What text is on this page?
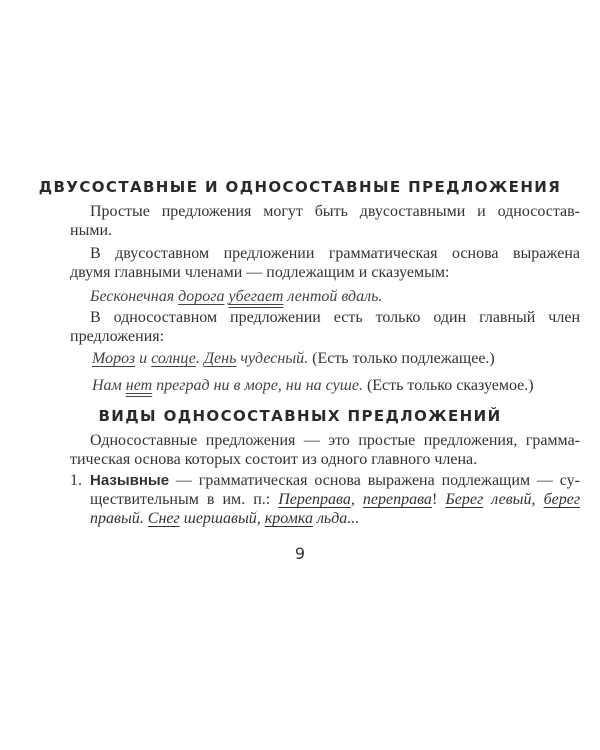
ДВУСОСТАВНЫЕ И ОДНОСОСТАВНЫЕ ПРЕДЛОЖЕНИЯ
Простые предложения могут быть двусоставными и односостав-
ными.
В двусоставном предложении грамматическая основа выражена
двумя главными членами — подлежащим и сказуемым:
Бесконечная дорога убегает лентой вдаль.
В односоставном предложении есть только один главный член
предложения:
Мороз и солнце. День чудесный. (Есть только подлежащее.)
Нам нет преград ни в море, ни на суше. (Есть только сказуемое.)
ВИДЫ ОДНОСОСТАВНЫХ ПРЕДЛОЖЕНИЙ
Односоставные предложения — это простые предложения, грамма-
тическая основа которых состоит из одного главного члена.
1. Назывные — грамматическая основа выражена подлежащим — су-
ществительным в им. п.: Переправа, переправа! Берег левый, берег
правый. Снег шершавый, кромка льда...
9
